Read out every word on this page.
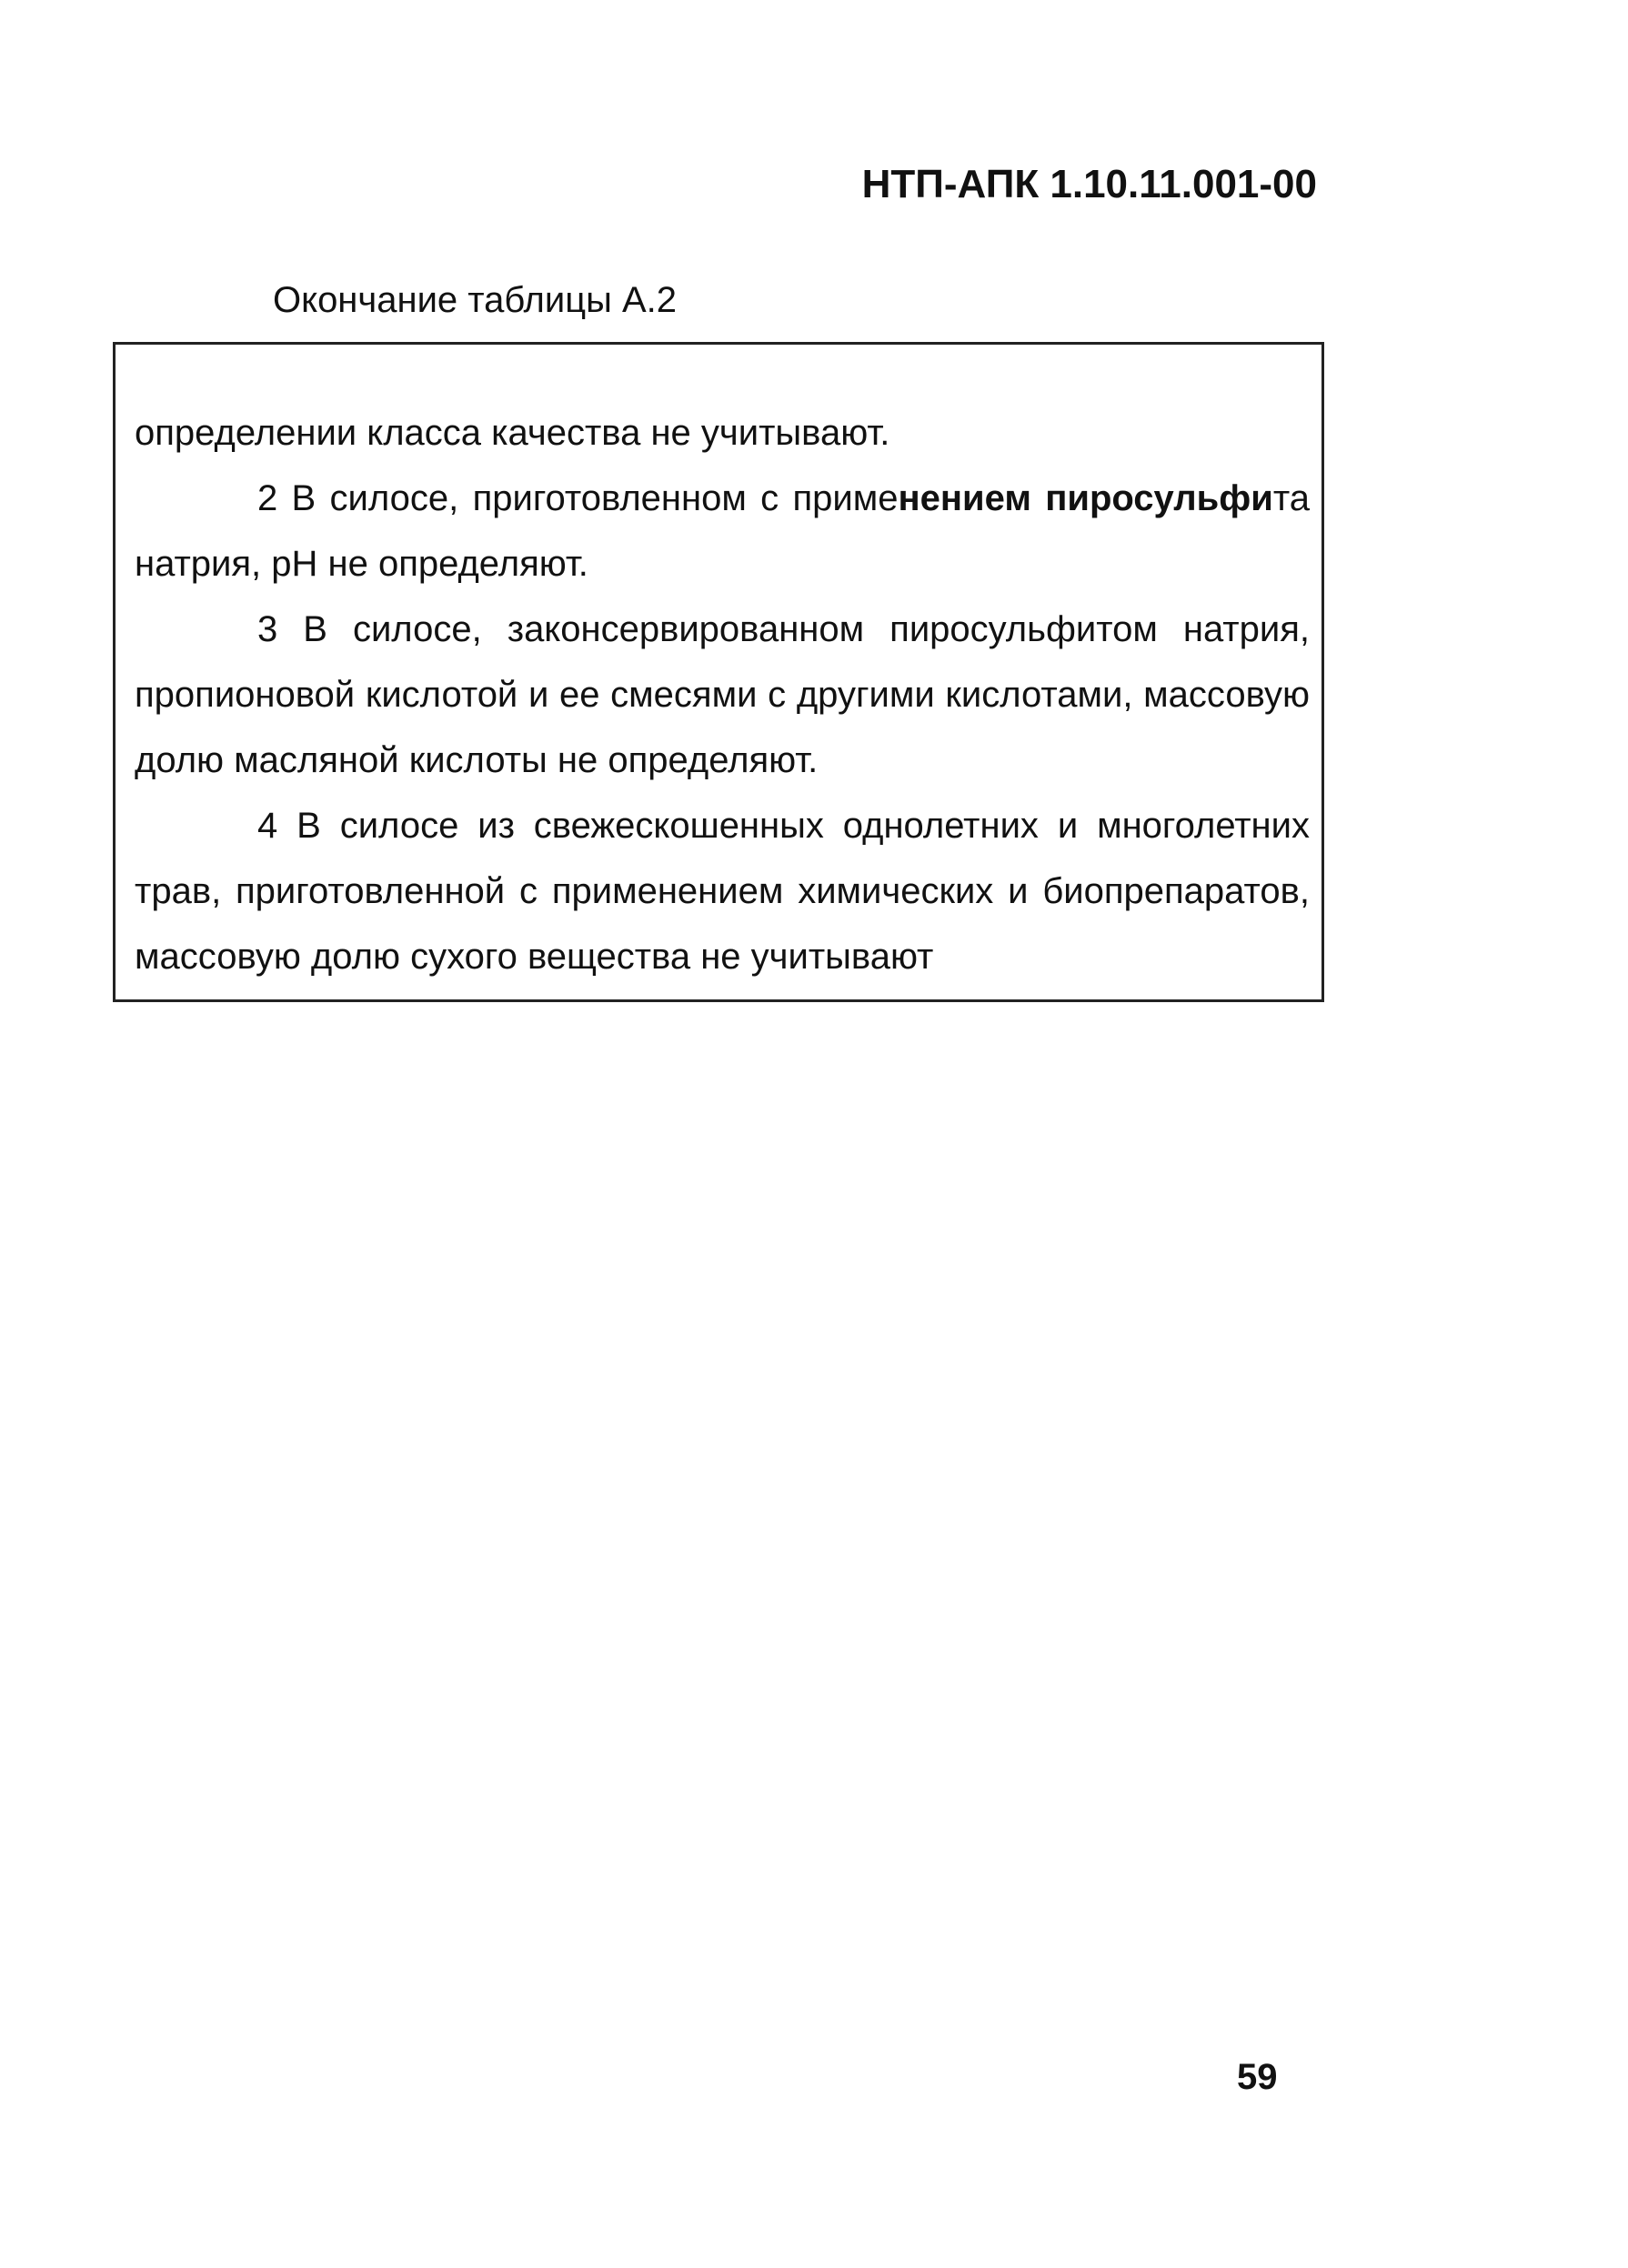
НТП-АПК 1.10.11.001-00
Окончание таблицы А.2

определении класса качества не учитывают.

2 В силосе, приготовленном с применением пиросульфита натрия, рН не определяют.

3 В силосе, законсервированном пиросульфитом натрия, пропионовой кислотой и ее смесями с другими кислотами, массовую долю масляной кислоты не определяют.

4 В силосе из свежескошенных однолетних и многолетних трав, приготовленной с применением химических и биопрепаратов, массовую долю сухого вещества не учитывают

59
